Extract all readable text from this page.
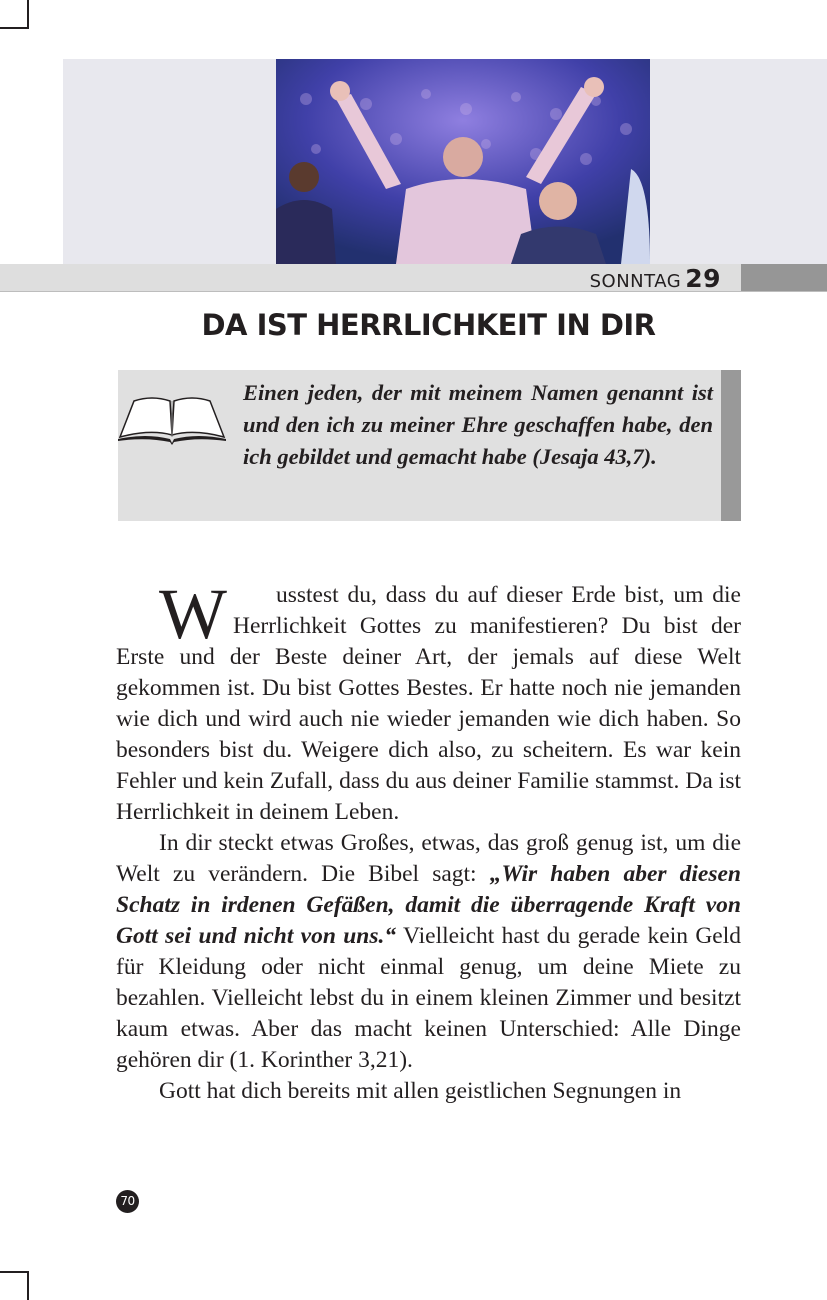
SONNTAG 29
DA IST HERRLICHKEIT IN DIR
Einen jeden, der mit meinem Namen genannt ist und den ich zu meiner Ehre geschaffen habe, den ich gebildet und gemacht habe (Jesaja 43,7).

W usstest du, dass du auf dieser Erde bist, um die Herrlichkeit Gottes zu manifestieren? Du bist der Erste und der Beste deiner Art, der jemals auf diese Welt gekommen ist. Du bist Gottes Bestes. Er hatte noch nie jemanden wie dich und wird auch nie wieder jemanden wie dich haben. So besonders bist du. Weigere dich also, zu scheitern. Es war kein Fehler und kein Zufall, dass du aus deiner Familie stammst. Da ist Herrlichkeit in deinem Leben.

In dir steckt etwas Großes, etwas, das groß genug ist, um die Welt zu verändern. Die Bibel sagt: „Wir haben aber diesen Schatz in irdenen Gefäßen, damit die überragende Kraft von Gott sei und nicht von uns.“ Vielleicht hast du gerade kein Geld für Kleidung oder nicht einmal genug, um deine Miete zu bezahlen. Vielleicht lebst du in einem kleinen Zimmer und besitzt kaum etwas. Aber das macht keinen Unterschied: Alle Dinge gehören dir (1. Korinther 3,21).

Gott hat dich bereits mit allen geistlichen Segnungen in

70
